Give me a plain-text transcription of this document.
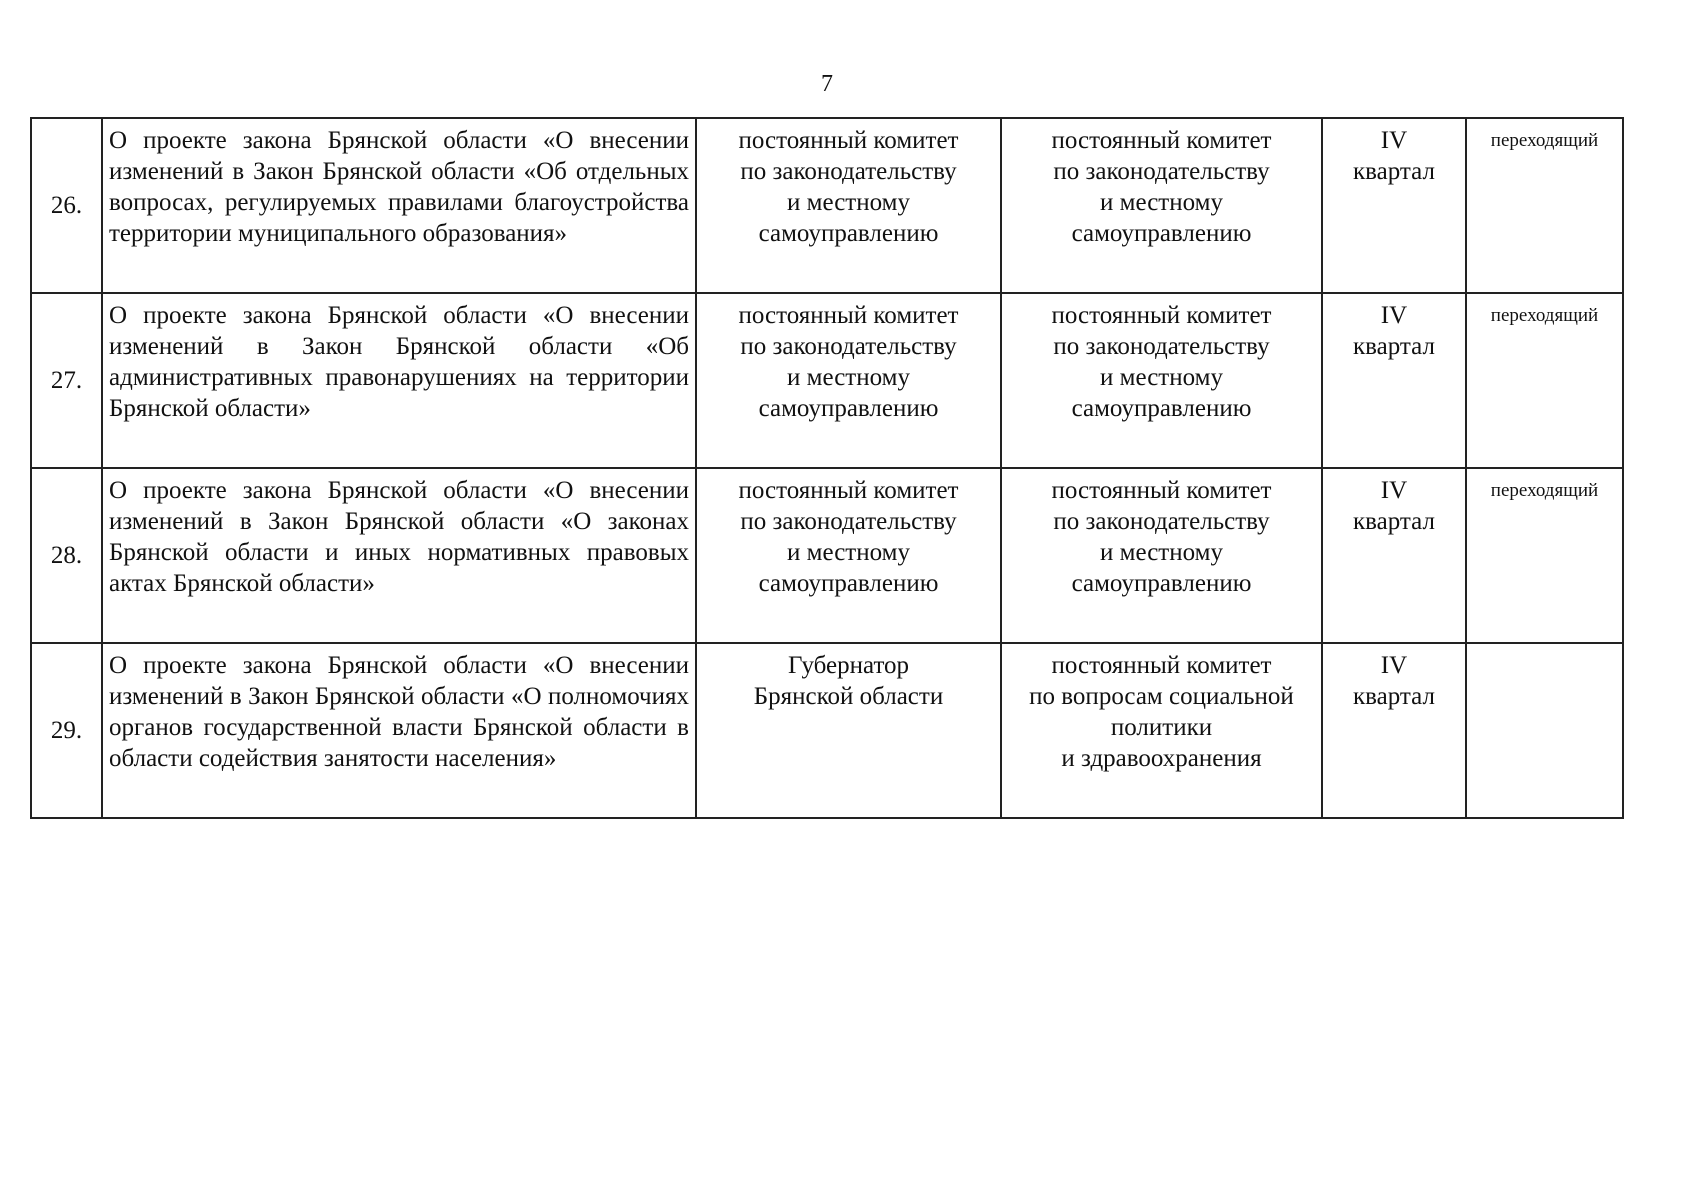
7
26.	О проекте закона Брянской области «О внесении изменений в Закон Брянской области «Об отдельных вопросах, регулируемых правилами благоустройства территории муниципального образования»	постоянный комитет
по законодательству
и местному
самоуправлению	постоянный комитет
по законодательству
и местному
самоуправлению	IV
квартал	переходящий
27.	О проекте закона Брянской области «О внесении изменений в Закон Брянской области «Об административных правонарушениях на территории Брянской области»	постоянный комитет
по законодательству
и местному
самоуправлению	постоянный комитет
по законодательству
и местному
самоуправлению	IV
квартал	переходящий
28.	О проекте закона Брянской области «О внесении изменений в Закон Брянской области «О законах Брянской области и иных нормативных правовых актах Брянской области»	постоянный комитет
по законодательству
и местному
самоуправлению	постоянный комитет
по законодательству
и местному
самоуправлению	IV
квартал	переходящий
29.	О проекте закона Брянской области «О внесении изменений в Закон Брянской области «О полномочиях органов государственной власти Брянской области в области содействия занятости населения»	Губернатор
Брянской области	постоянный комитет
по вопросам социальной
политики
и здравоохранения	IV
квартал	
